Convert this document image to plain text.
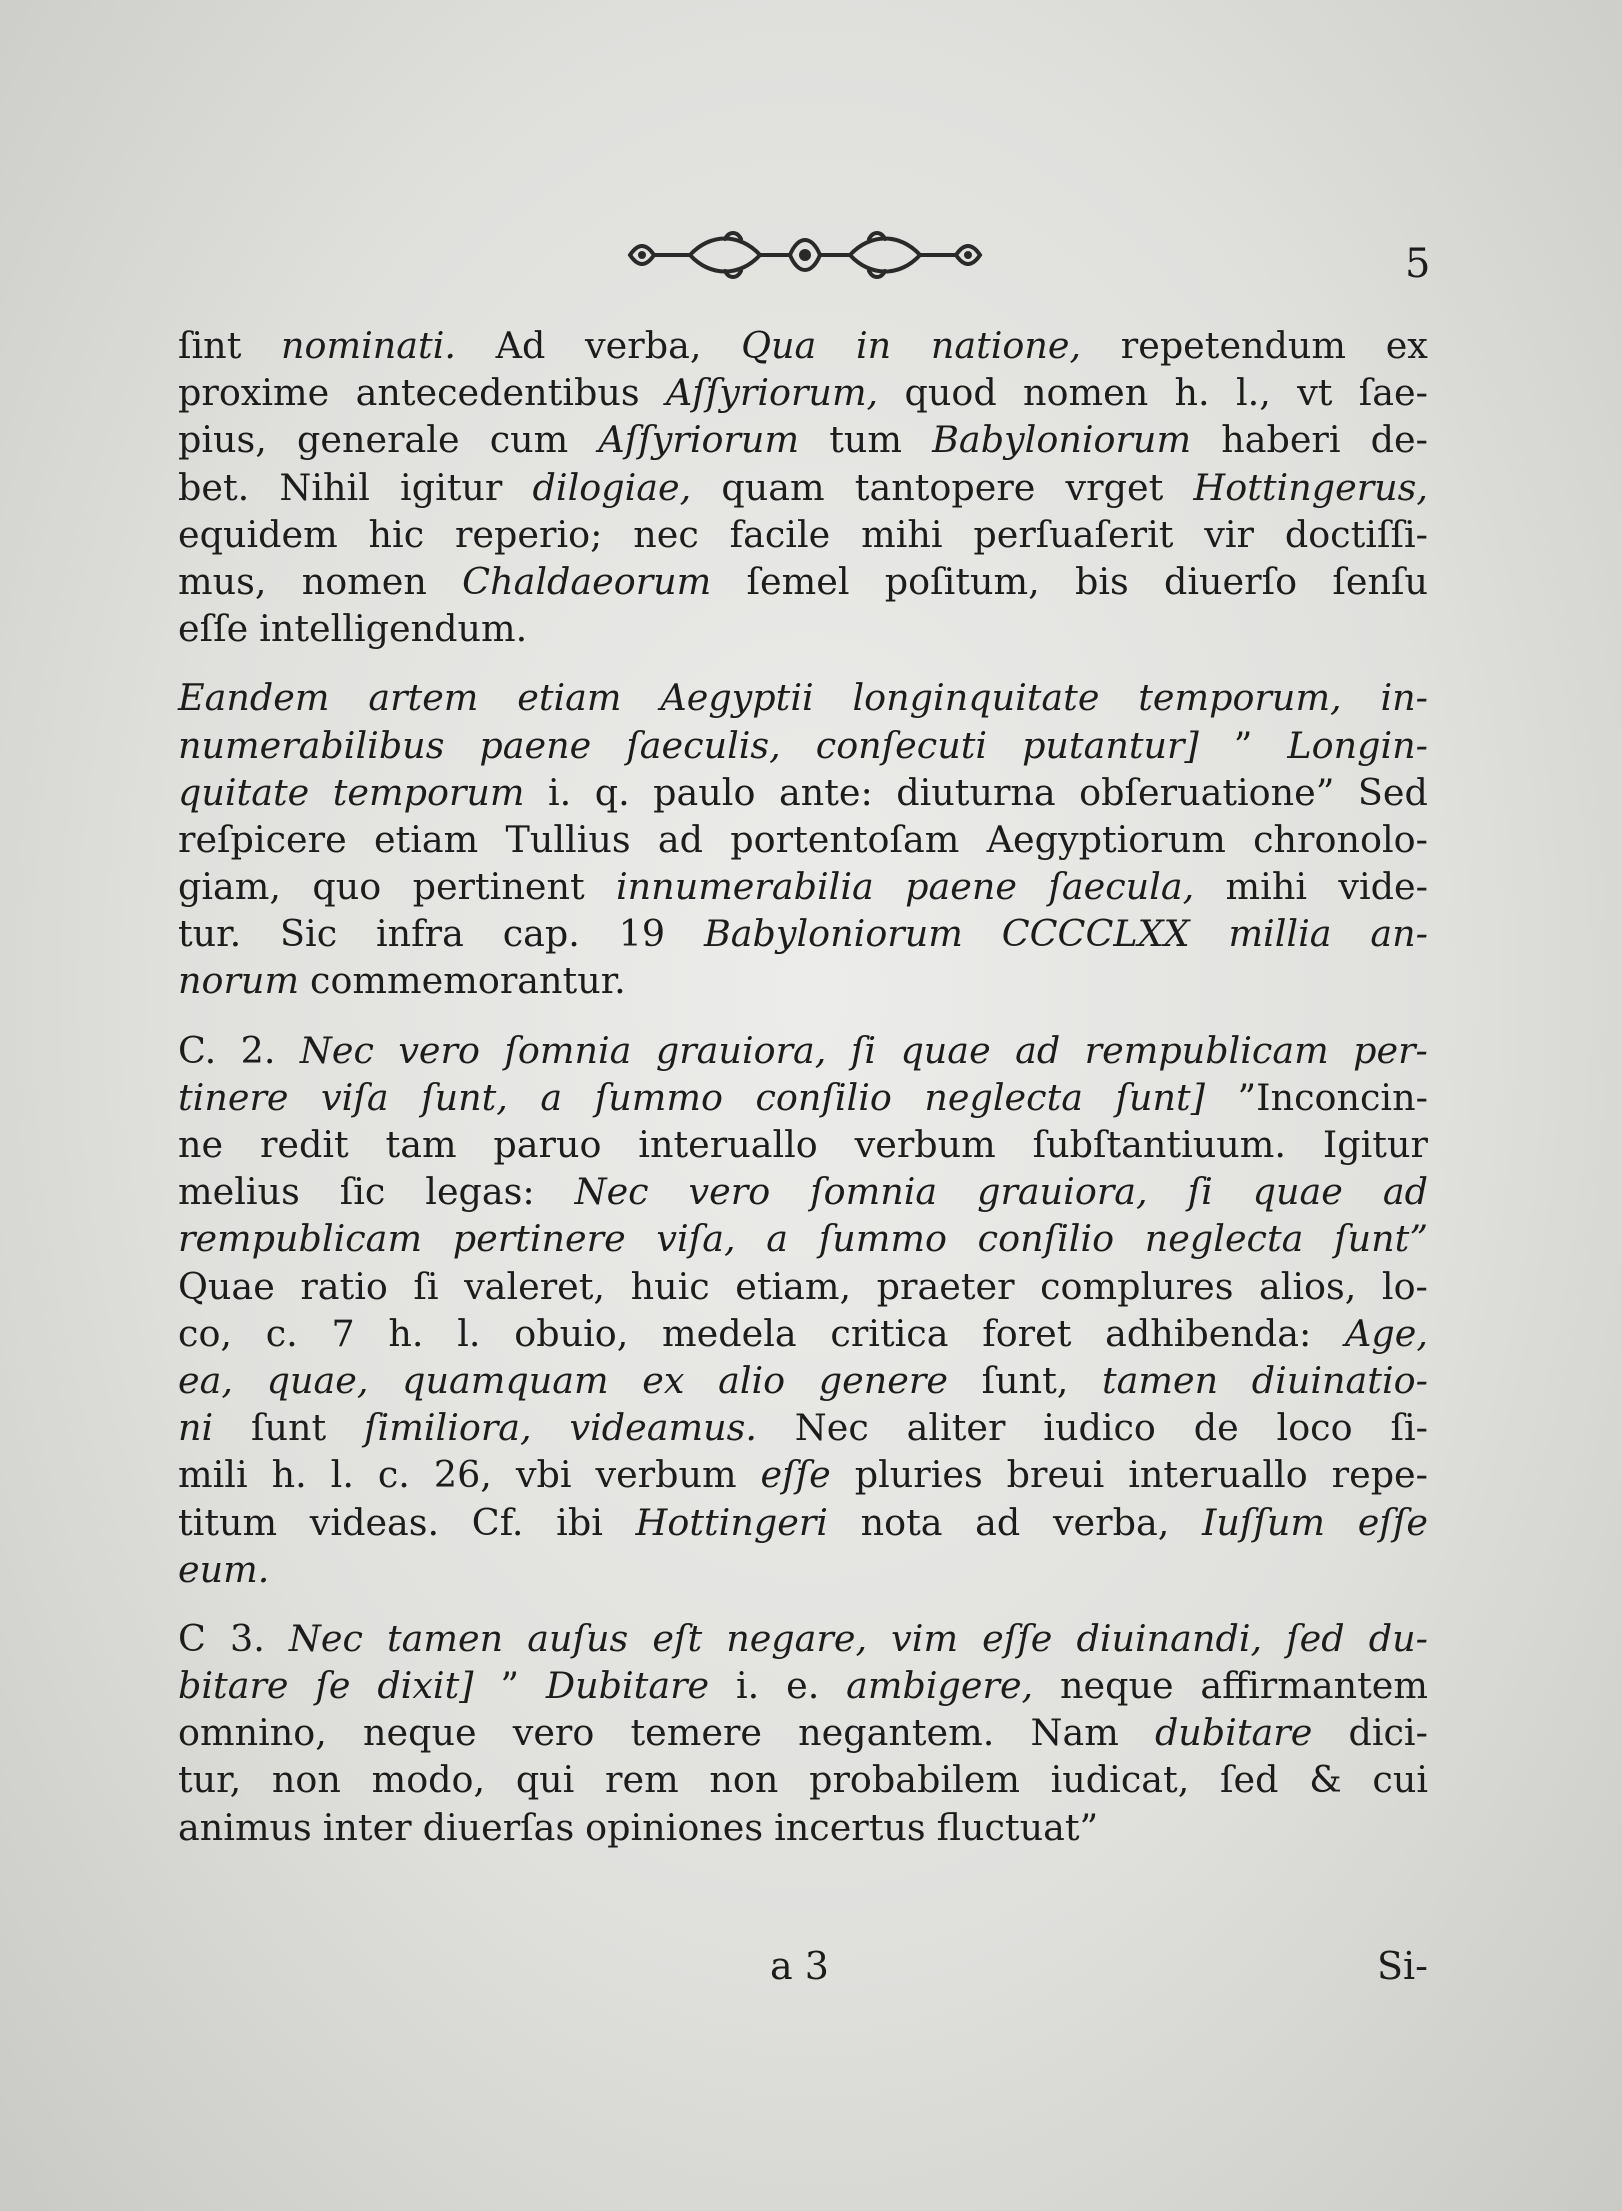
5
ſint nominati. Ad verba, Qua in natione, repetendum ex
proxime antecedentibus Aſſyriorum, quod nomen h. l., vt ſae-
pius, generale cum Aſſyriorum tum Babyloniorum haberi de-
bet. Nihil igitur dilogiae, quam tantopere vrget Hottingerus,
equidem hic reperio; nec facile mihi perſuaſerit vir doctiſſi-
mus, nomen Chaldaeorum ſemel poſitum, bis diuerſo ſenſu
eſſe intelligendum.
Eandem artem etiam Aegyptii longinquitate temporum, in-
numerabilibus paene ſaeculis, conſecuti putantur] ” Longin-
quitate temporum i. q. paulo ante: diuturna obſeruatione” Sed
reſpicere etiam Tullius ad portentoſam Aegyptiorum chronolo-
giam, quo pertinent innumerabilia paene ſaecula, mihi vide-
tur. Sic infra cap. 19 Babyloniorum CCCCLXX millia an-
norum commemorantur.
C. 2. Nec vero ſomnia grauiora, ſi quae ad rempublicam per-
tinere viſa ſunt, a ſummo conſilio neglecta ſunt] ”Inconcin-
ne redit tam paruo interuallo verbum ſubſtantiuum. Igitur
melius ſic legas: Nec vero ſomnia grauiora, ſi quae ad
rempublicam pertinere viſa, a ſummo conſilio neglecta ſunt”
Quae ratio ſi valeret, huic etiam, praeter complures alios, lo-
co, c. 7 h. l. obuio, medela critica foret adhibenda: Age,
ea, quae, quamquam ex alio genere ſunt, tamen diuinatio-
ni ſunt ſimiliora, videamus. Nec aliter iudico de loco ſi-
mili h. l. c. 26, vbi verbum eſſe pluries breui interuallo repe-
titum videas. Cf. ibi Hottingeri nota ad verba, Iuſſum eſſe
eum.
C 3. Nec tamen auſus eſt negare, vim eſſe diuinandi, ſed du-
bitare ſe dixit] ” Dubitare i. e. ambigere, neque affirmantem
omnino, neque vero temere negantem. Nam dubitare dici-
tur, non modo, qui rem non probabilem iudicat, ſed & cui
animus inter diuerſas opiniones incertus fluctuat”
a 3	Si-
